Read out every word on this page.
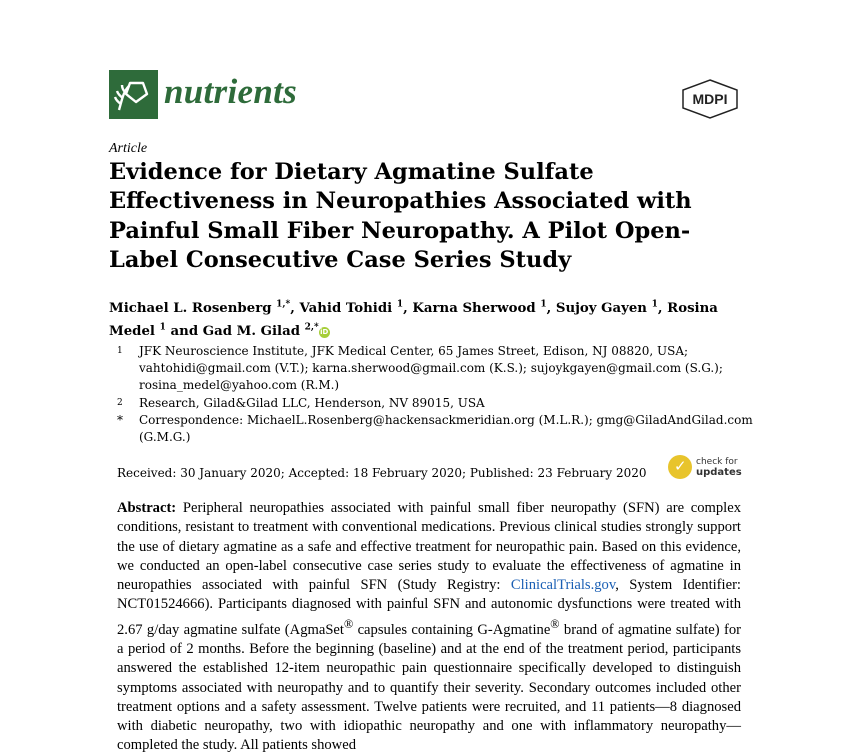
nutrients	MDPI
Article
Evidence for Dietary Agmatine Sulfate Effectiveness in Neuropathies Associated with Painful Small Fiber Neuropathy. A Pilot Open-Label Consecutive Case Series Study
Michael L. Rosenberg $^{1,*}$, Vahid Tohidi $^1$, Karna Sherwood $^1$, Sujoy Gayen $^1$, Rosina Medel $^1$ and Gad M. Gilad $^{2,*}$iD
1	JFK Neuroscience Institute, JFK Medical Center, 65 James Street, Edison, NJ 08820, USA; vahtohidi@gmail.com (V.T.); karna.sherwood@gmail.com (K.S.); sujoykgayen@gmail.com (S.G.); rosina_medel@yahoo.com (R.M.)
2	Research, Gilad&Gilad LLC, Henderson, NV 89015, USA
*	Correspondence: MichaelL.Rosenberg@hackensackmeridian.org (M.L.R.); gmg@GiladAndGilad.com (G.M.G.)
Received: 30 January 2020; Accepted: 18 February 2020; Published: 23 February 2020 ✓ check for
updates
Abstract: Peripheral neuropathies associated with painful small fiber neuropathy (SFN) are complex conditions, resistant to treatment with conventional medications. Previous clinical studies strongly support the use of dietary agmatine as a safe and effective treatment for neuropathic pain. Based on this evidence, we conducted an open-label consecutive case series study to evaluate the effectiveness of agmatine in neuropathies associated with painful SFN (Study Registry: ClinicalTrials.gov, System Identifier: NCT01524666). Participants diagnosed with painful SFN and autonomic dysfunctions were treated with 2.67 g/day agmatine sulfate (AgmaSet® capsules containing G-Agmatine® brand of agmatine sulfate) for a period of 2 months. Before the beginning (baseline) and at the end of the treatment period, participants answered the established 12-item neuropathic pain questionnaire specifically developed to distinguish symptoms associated with neuropathy and to quantify their severity. Secondary outcomes included other treatment options and a safety assessment. Twelve patients were recruited, and 11 patients—8 diagnosed with diabetic neuropathy, two with idiopathic neuropathy and one with inflammatory neuropathy—completed the study. All patients showed
